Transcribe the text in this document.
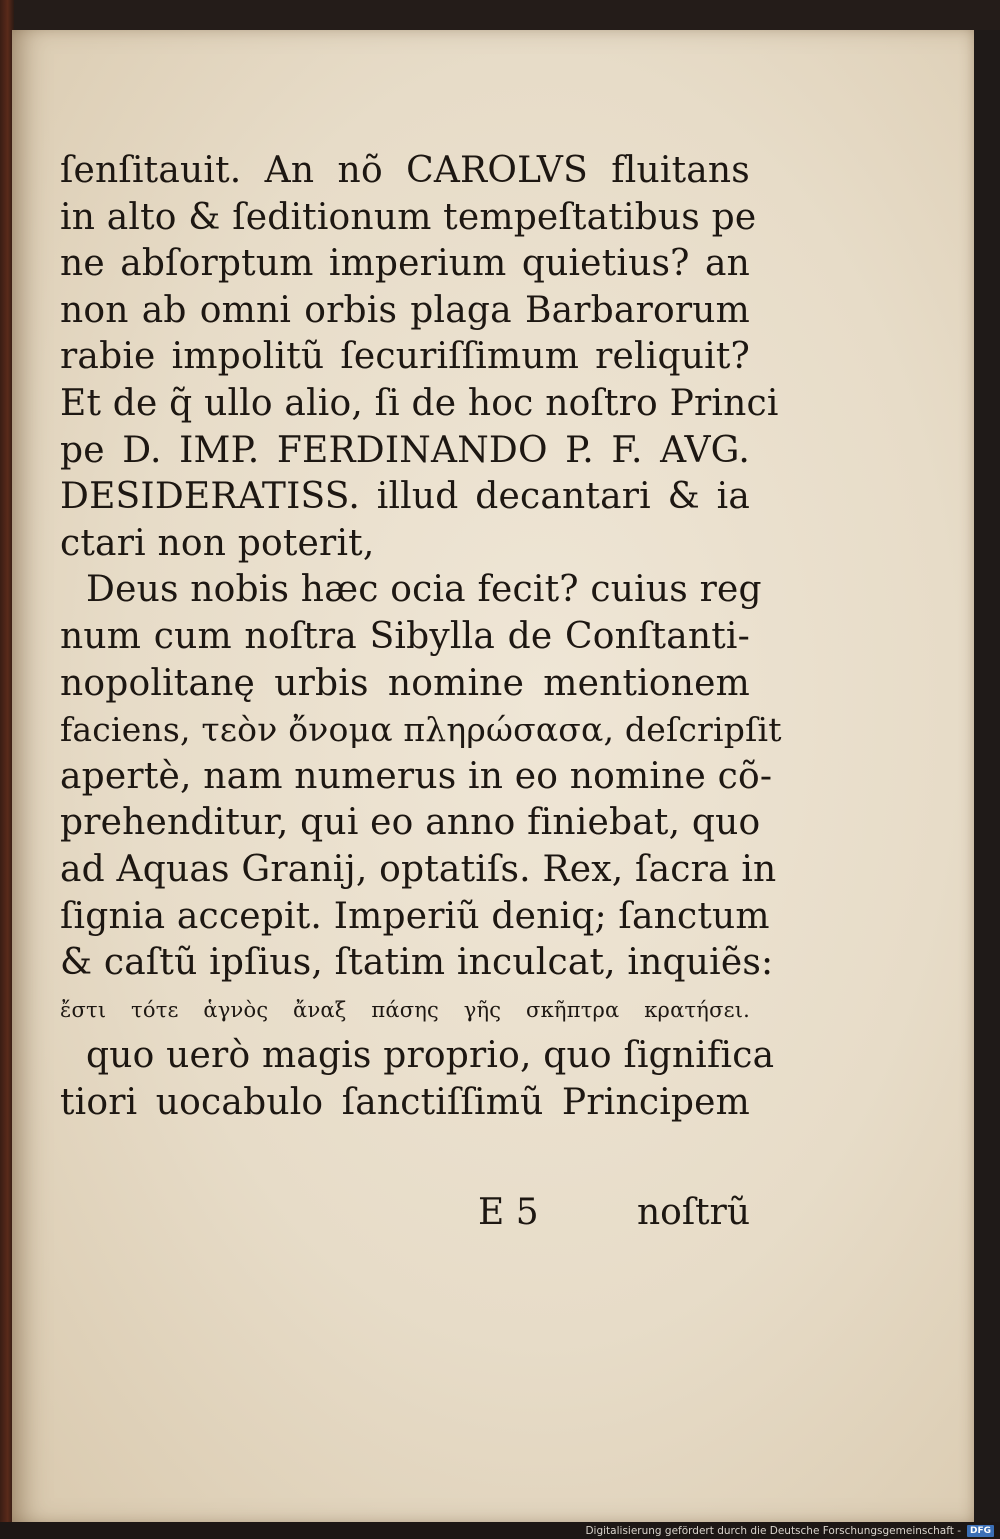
ſenſitauit. An nõ CAROLVS fluitans
in alto & ſeditionum tempeſtatibus pe
ne abſorptum imperium quietius? an
non ab omni orbis plaga Barbarorum
rabie impolitũ ſecuriſſimum reliquit?
Et de q̃ ullo alio, ſi de hoc noſtro Princi
pe D. IMP. FERDINANDO P. F. AVG.
DESIDERATISS. illud decantari & ia
ctari non poterit,
Deus nobis hæc ocia fecit? cuius reg
num cum noſtra Sibylla de Conſtanti-
nopolitanę urbis nomine mentionem
faciens, τεὸν ὄνομα πληρώσασα, deſcripſit
apertè, nam numerus in eo nomine cõ-
prehenditur, qui eo anno finiebat, quo
ad Aquas Granij, optatiſs. Rex, ſacra in
ſignia accepit. Imperiũ deniq; ſanctum
& caſtũ ipſius, ſtatim inculcat, inquiẽs:
ἔστι τότε ἁγνὸς ἄναξ πάσης γῆς σκῆπτρα κρατήσει.
quo uerò magis proprio, quo ſignifica
tiori uocabulo ſanctiſſimũ Principem
E 5	noſtrũ
Digitalisierung gefördert durch die Deutsche Forschungsgemeinschaft -	DFG
